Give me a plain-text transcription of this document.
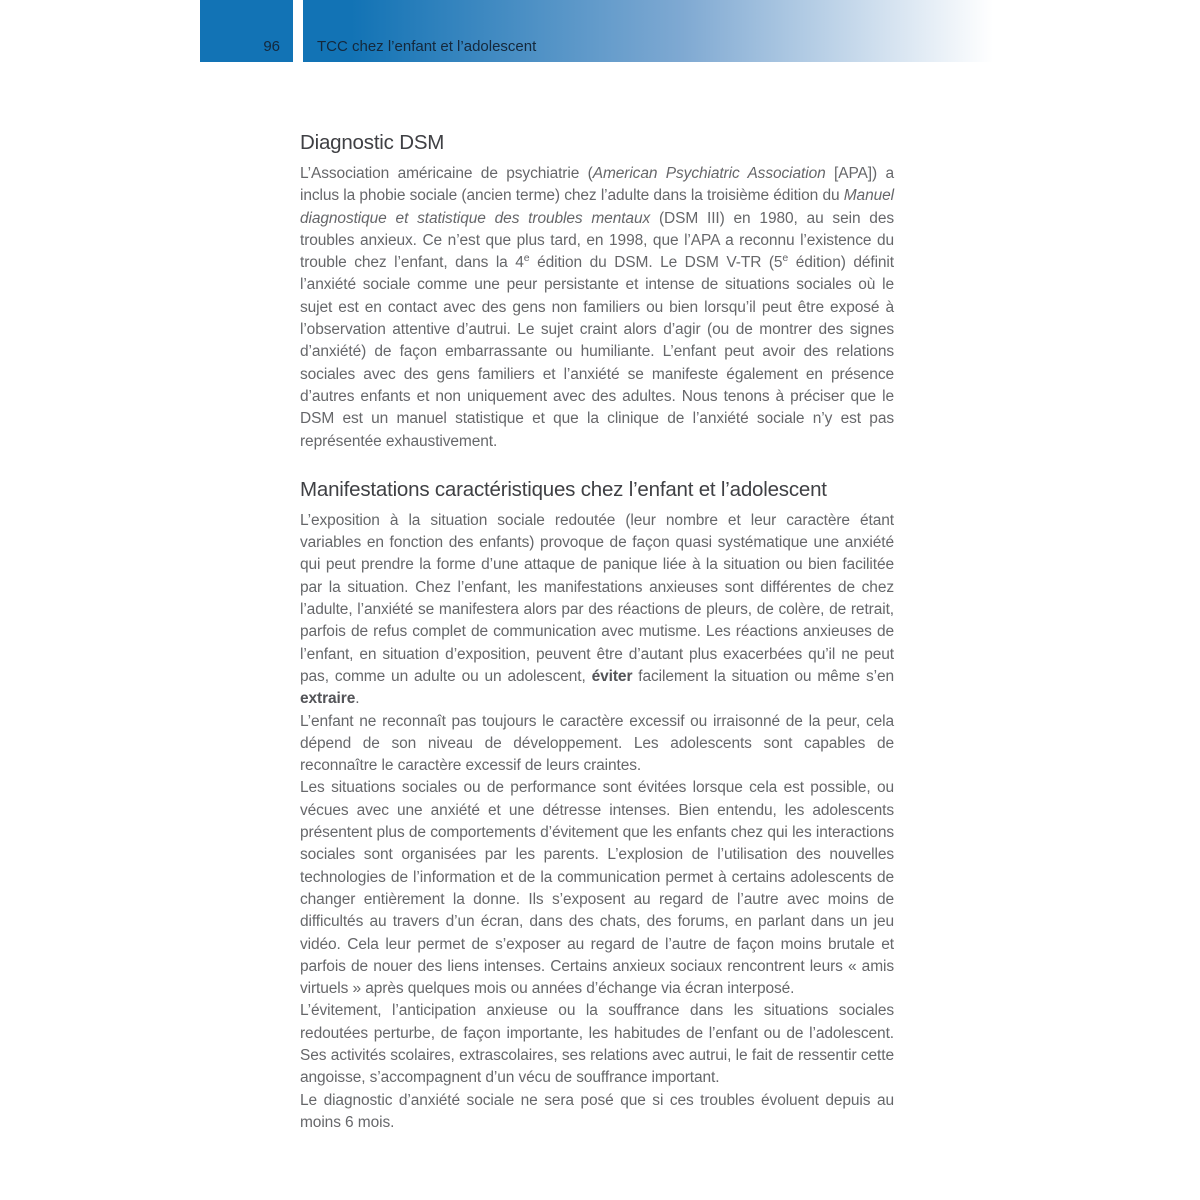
96 TCC chez l’enfant et l’adolescent
Diagnostic DSM

L’Association américaine de psychiatrie (American Psychiatric Association [APA]) a inclus la phobie sociale (ancien terme) chez l’adulte dans la troisième édition du Manuel diagnostique et statistique des troubles mentaux (DSM III) en 1980, au sein des troubles anxieux. Ce n’est que plus tard, en 1998, que l’APA a reconnu l’existence du trouble chez l’enfant, dans la 4e édition du DSM. Le DSM V-TR (5e édition) définit l’anxiété sociale comme une peur persistante et intense de situations sociales où le sujet est en contact avec des gens non familiers ou bien lorsqu’il peut être exposé à l’observation attentive d’autrui. Le sujet craint alors d’agir (ou de montrer des signes d’anxiété) de façon embarrassante ou humiliante. L’enfant peut avoir des relations sociales avec des gens familiers et l’anxiété se manifeste également en présence d’autres enfants et non uniquement avec des adultes. Nous tenons à préciser que le DSM est un manuel statistique et que la clinique de l’anxiété sociale n’y est pas représentée exhaustivement.

Manifestations caractéristiques chez l’enfant et l’adolescent

L’exposition à la situation sociale redoutée (leur nombre et leur caractère étant variables en fonction des enfants) provoque de façon quasi systématique une anxiété qui peut prendre la forme d’une attaque de panique liée à la situation ou bien facilitée par la situation. Chez l’enfant, les manifestations anxieuses sont différentes de chez l’adulte, l’anxiété se manifestera alors par des réactions de pleurs, de colère, de retrait, parfois de refus complet de communication avec mutisme. Les réactions anxieuses de l’enfant, en situation d’exposition, peuvent être d’autant plus exacerbées qu’il ne peut pas, comme un adulte ou un adolescent, éviter facilement la situation ou même s’en extraire.

L’enfant ne reconnaît pas toujours le caractère excessif ou irraisonné de la peur, cela dépend de son niveau de développement. Les adolescents sont capables de reconnaître le caractère excessif de leurs craintes.

Les situations sociales ou de performance sont évitées lorsque cela est possible, ou vécues avec une anxiété et une détresse intenses. Bien entendu, les adolescents présentent plus de comportements d’évitement que les enfants chez qui les interactions sociales sont organisées par les parents. L’explosion de l’utilisation des nouvelles technologies de l’information et de la communication permet à certains adolescents de changer entièrement la donne. Ils s’exposent au regard de l’autre avec moins de difficultés au travers d’un écran, dans des chats, des forums, en parlant dans un jeu vidéo. Cela leur permet de s’exposer au regard de l’autre de façon moins brutale et parfois de nouer des liens intenses. Certains anxieux sociaux rencontrent leurs « amis virtuels » après quelques mois ou années d’échange via écran interposé.

L’évitement, l’anticipation anxieuse ou la souffrance dans les situations sociales redoutées perturbe, de façon importante, les habitudes de l’enfant ou de l’adolescent. Ses activités scolaires, extrascolaires, ses relations avec autrui, le fait de ressentir cette angoisse, s’accompagnent d’un vécu de souffrance important.

Le diagnostic d’anxiété sociale ne sera posé que si ces troubles évoluent depuis au moins 6 mois.
